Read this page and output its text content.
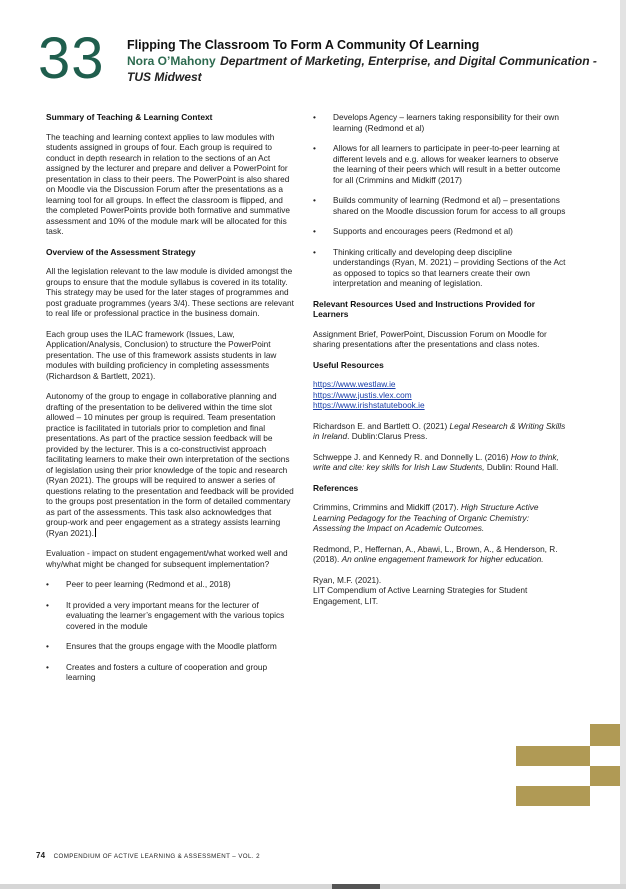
33 Flipping The Classroom To Form A Community Of Learning
Nora O’Mahony Department of Marketing, Enterprise, and Digital Communication - TUS Midwest
Summary of Teaching & Learning Context

The teaching and learning context applies to law modules with students assigned in groups of four. Each group is required to conduct in depth research in relation to the sections of an Act assigned by the lecturer and prepare and deliver a PowerPoint for presentation in class to their peers. The PowerPoint is also shared on Moodle via the Discussion Forum after the presentations as a learning tool for all groups. In effect the classroom is flipped, and the completed PowerPoints provide both formative and summative assessment and 10% of the module mark will be allocated for this task.

Overview of the Assessment Strategy

All the legislation relevant to the law module is divided amongst the groups to ensure that the module syllabus is covered in its totality. This strategy may be used for the later stages of programmes and post graduate programmes (years 3/4). These sections are relevant to real life or professional practice in the business domain.

Each group uses the ILAC framework (Issues, Law, Application/Analysis, Conclusion) to structure the PowerPoint presentation. The use of this framework assists students in law modules with building proficiency in completing assessments (Richardson & Bartlett, 2021).

Autonomy of the group to engage in collaborative planning and drafting of the presentation to be delivered within the time slot allowed – 10 minutes per group is required. Team presentation practice is facilitated in tutorials prior to completion and final presentations. As part of the practice session feedback will be provided by the lecturer. This is a co-constructivist approach facilitating learners to make their own interpretation of the sections of legislation using their prior knowledge of the topic and research (Ryan 2021). The groups will be required to answer a series of questions relating to the presentation and feedback will be provided to the groups post presentation in the form of detailed commentary as part of the assessments. This task also acknowledges that group-work and peer engagement as a strategy assists learning (Ryan 2021).

Evaluation - impact on student engagement/what worked well and why/what might be changed for subsequent implementation?

• Peer to peer learning (Redmond et al., 2018)
• It provided a very important means for the lecturer of evaluating the learner’s engagement with the various topics covered in the module
• Ensures that the groups engage with the Moodle platform
• Creates and fosters a culture of cooperation and group learning
• Develops Agency – learners taking responsibility for their own learning (Redmond et al)
• Allows for all learners to participate in peer-to-peer learning at different levels and e.g. allows for weaker learners to observe the learning of their peers which will result in a better outcome for all (Crimmins and Midkiff (2017)
• Builds community of learning (Redmond et al) – presentations shared on the Moodle discussion forum for access to all groups
• Supports and encourages peers (Redmond et al)
• Thinking critically and developing deep discipline understandings (Ryan, M. 2021) – providing Sections of the Act as opposed to topics so that learners create their own interpretation and meaning of legislation.
Relevant Resources Used and Instructions Provided for Learners

Assignment Brief, PowerPoint, Discussion Forum on Moodle for sharing presentations after the presentations and class notes.

Useful Resources

https://www.westlaw.ie
https://www.justis.vlex.com
https://www.irishstatutebook.ie

Richardson E. and Bartlett O. (2021) Legal Research & Writing Skills in Ireland. Dublin:Clarus Press.

Schweppe J. and Kennedy R. and Donnelly L. (2016) How to think, write and cite: key skills for Irish Law Students, Dublin: Round Hall.

References

Crimmins, Crimmins and Midkiff (2017). High Structure Active Learning Pedagogy for the Teaching of Organic Chemistry: Assessing the Impact on Academic Outcomes.

Redmond, P., Heffernan, A., Abawi, L., Brown, A., & Henderson, R. (2018). An online engagement framework for higher education.

Ryan, M.F. (2021).
LIT Compendium of Active Learning Strategies for Student Engagement, LIT.

74 COMPENDIUM OF ACTIVE LEARNING & ASSESSMENT – VOL. 2
